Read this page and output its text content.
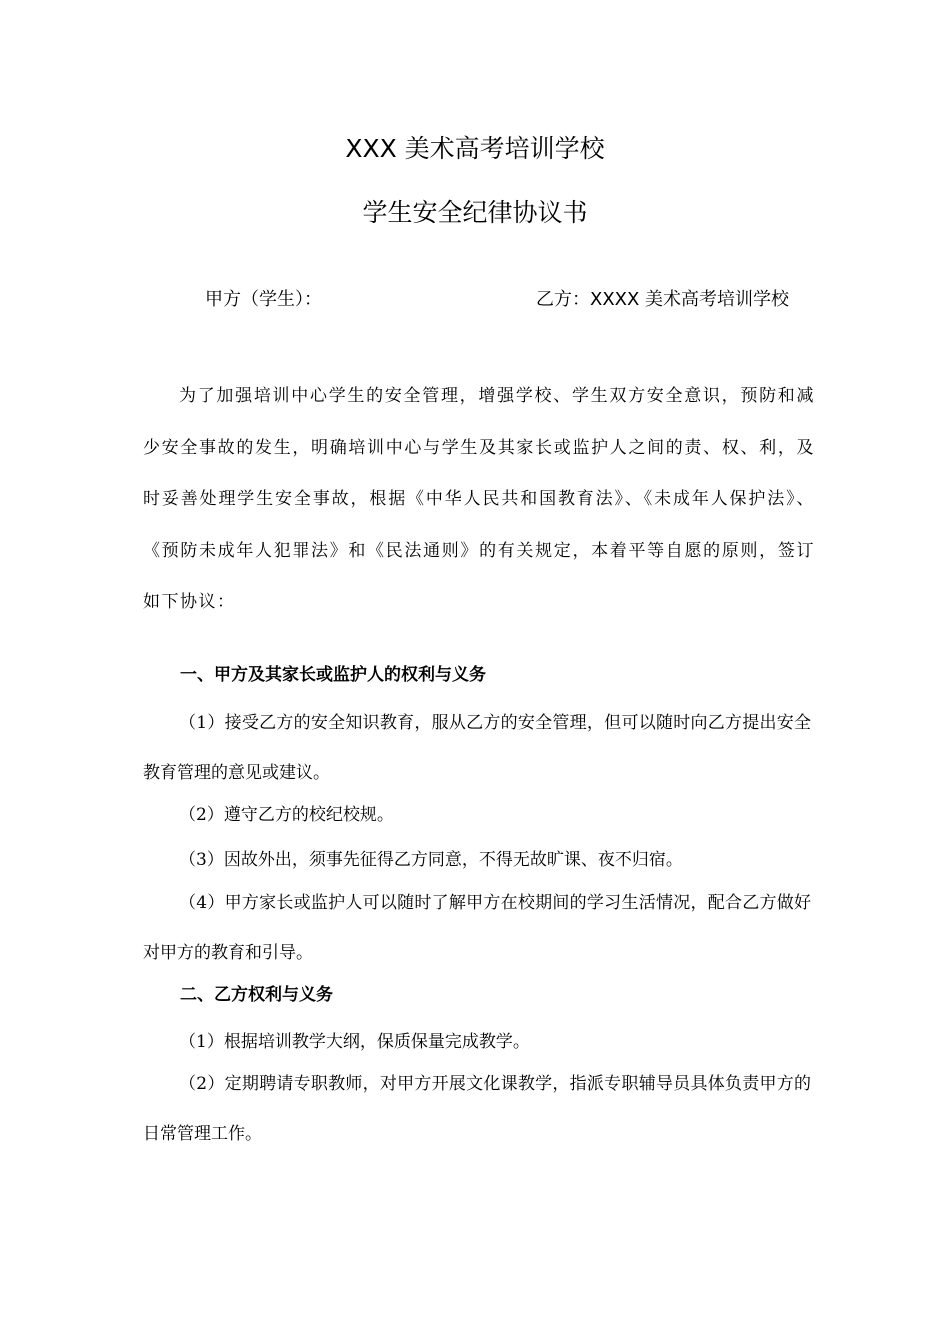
XXX 美术高考培训学校
学生安全纪律协议书
甲方（学生）：	乙方：XXXX 美术高考培训学校
为了加强培训中心学生的安全管理，增强学校、学生双方安全意识，预防和减少安全事故的发生，明确培训中心与学生及其家长或监护人之间的责、权、利，及时妥善处理学生安全事故，根据《中华人民共和国教育法》、《未成年人保护法》、《预防未成年人犯罪法》和《民法通则》的有关规定，本着平等自愿的原则，签订如下协议：
一、甲方及其家长或监护人的权利与义务
（1）接受乙方的安全知识教育，服从乙方的安全管理，但可以随时向乙方提出安全教育管理的意见或建议。
（2）遵守乙方的校纪校规。
（3）因故外出，须事先征得乙方同意，不得无故旷课、夜不归宿。
（4）甲方家长或监护人可以随时了解甲方在校期间的学习生活情况，配合乙方做好对甲方的教育和引导。
二、乙方权利与义务
（1）根据培训教学大纲，保质保量完成教学。
（2）定期聘请专职教师，对甲方开展文化课教学，指派专职辅导员具体负责甲方的日常管理工作。
